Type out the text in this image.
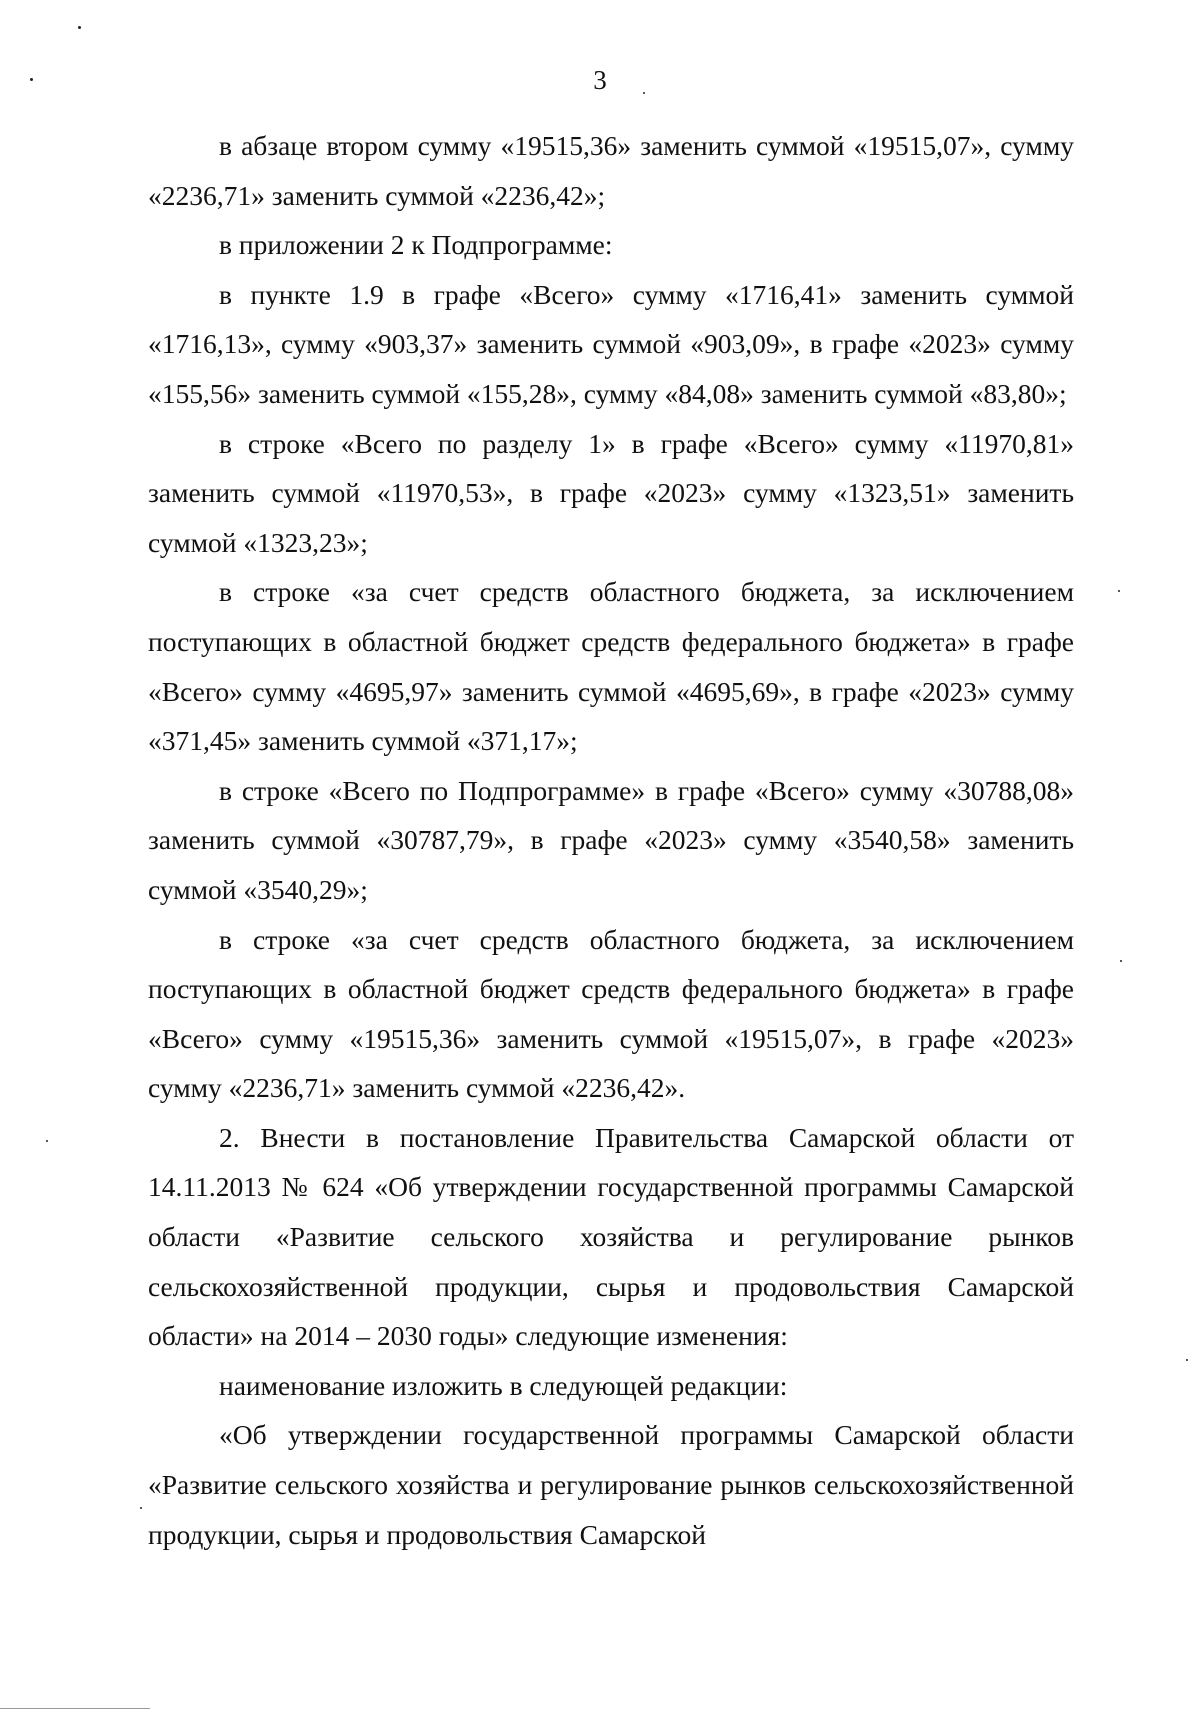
3

в абзаце втором сумму «19515,36» заменить суммой «19515,07», сумму «2236,71» заменить суммой «2236,42»;

в приложении 2 к Подпрограмме:

в пункте 1.9 в графе «Всего» сумму «1716,41» заменить суммой «1716,13», сумму «903,37» заменить суммой «903,09», в графе «2023» сумму «155,56» заменить суммой «155,28», сумму «84,08» заменить суммой «83,80»;

в строке «Всего по разделу 1» в графе «Всего» сумму «11970,81» заменить суммой «11970,53», в графе «2023» сумму «1323,51» заменить суммой «1323,23»;

в строке «за счет средств областного бюджета, за исключением поступающих в областной бюджет средств федерального бюджета» в графе «Всего» сумму «4695,97» заменить суммой «4695,69», в графе «2023» сумму «371,45» заменить суммой «371,17»;

в строке «Всего по Подпрограмме» в графе «Всего» сумму «30788,08» заменить суммой «30787,79», в графе «2023» сумму «3540,58» заменить суммой «3540,29»;

в строке «за счет средств областного бюджета, за исключением поступающих в областной бюджет средств федерального бюджета» в графе «Всего» сумму «19515,36» заменить суммой «19515,07», в графе «2023» сумму «2236,71» заменить суммой «2236,42».

2. Внести в постановление Правительства Самарской области от 14.11.2013 № 624 «Об утверждении государственной программы Самарской области «Развитие сельского хозяйства и регулирование рынков сельскохозяйственной продукции, сырья и продовольствия Самарской области» на 2014 – 2030 годы» следующие изменения:

наименование изложить в следующей редакции:

«Об утверждении государственной программы Самарской области «Развитие сельского хозяйства и регулирование рынков сельскохозяйственной продукции, сырья и продовольствия Самарской
